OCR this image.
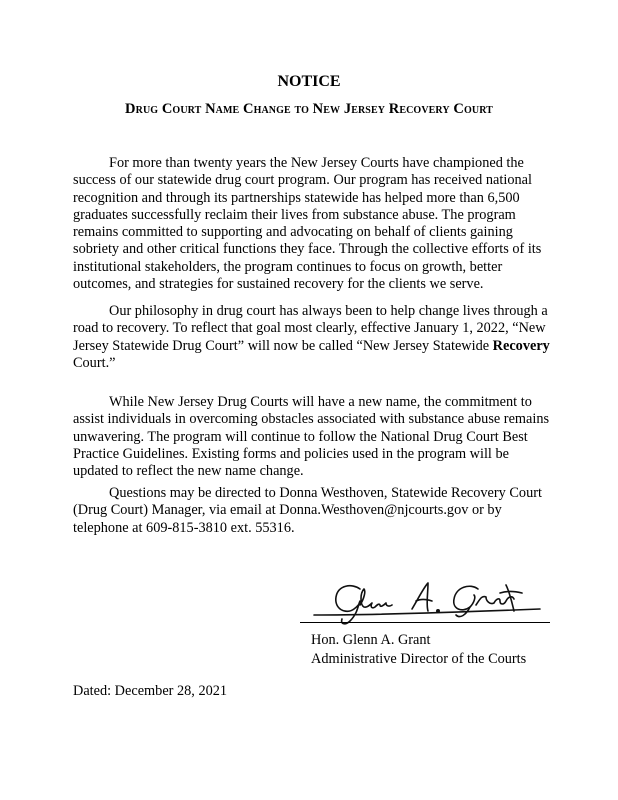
NOTICE
Drug Court Name Change to New Jersey Recovery Court

For more than twenty years the New Jersey Courts have championed the success of our statewide drug court program. Our program has received national recognition and through its partnerships statewide has helped more than 6,500 graduates successfully reclaim their lives from substance abuse. The program remains committed to supporting and advocating on behalf of clients gaining sobriety and other critical functions they face. Through the collective efforts of its institutional stakeholders, the program continues to focus on growth, better outcomes, and strategies for sustained recovery for the clients we serve.

Our philosophy in drug court has always been to help change lives through a road to recovery. To reflect that goal most clearly, effective January 1, 2022, “New Jersey Statewide Drug Court” will now be called “New Jersey Statewide Recovery Court.”

While New Jersey Drug Courts will have a new name, the commitment to assist individuals in overcoming obstacles associated with substance abuse remains unwavering. The program will continue to follow the National Drug Court Best Practice Guidelines. Existing forms and policies used in the program will be updated to reflect the new name change.

Questions may be directed to Donna Westhoven, Statewide Recovery Court (Drug Court) Manager, via email at Donna.Westhoven@njcourts.gov or by telephone at 609-815-3810 ext. 55316.

Hon. Glenn A. Grant
Administrative Director of the Courts
Dated: December 28, 2021
